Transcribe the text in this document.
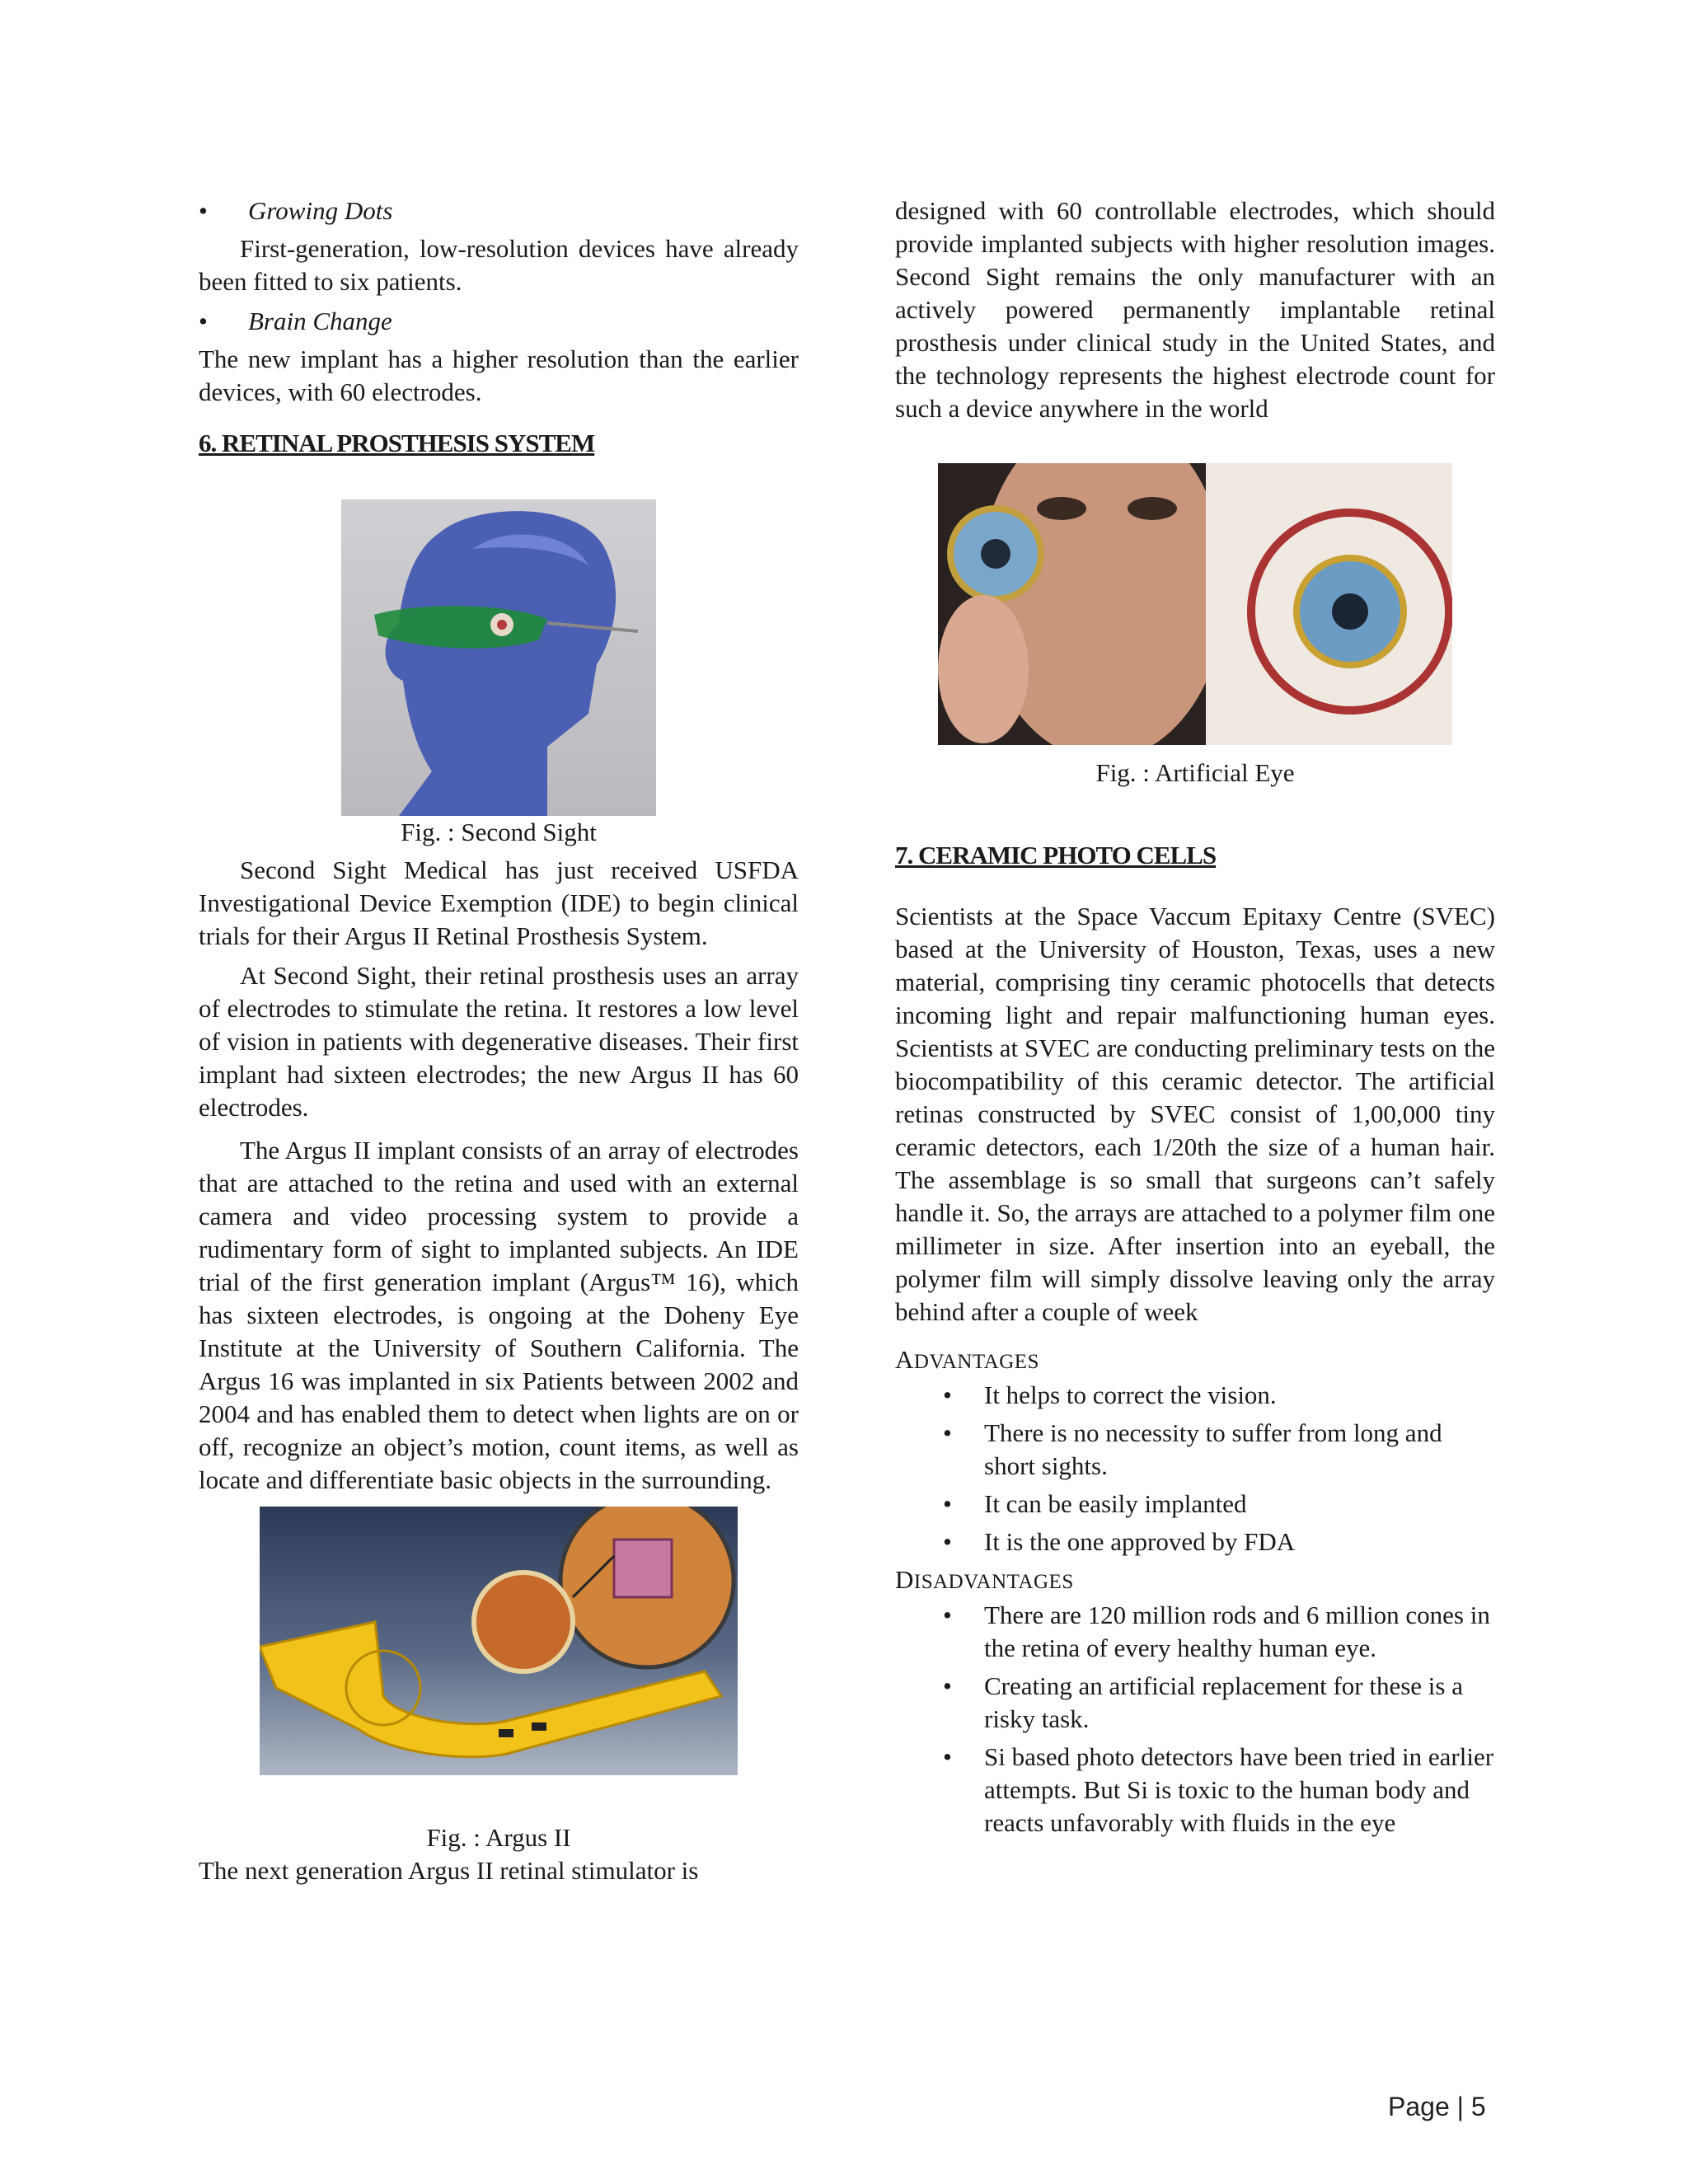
•	Growing Dots

First-generation, low-resolution devices have already been fitted to six patients.

•	Brain Change

The new implant has a higher resolution than the earlier devices, with 60 electrodes.

6. RETINAL PROSTHESIS SYSTEM

Fig. : Second Sight

Second Sight Medical has just received USFDA Investigational Device Exemption (IDE) to begin clinical trials for their Argus II Retinal Prosthesis System.

At Second Sight, their retinal prosthesis uses an array of electrodes to stimulate the retina. It restores a low level of vision in patients with degenerative diseases. Their first implant had sixteen electrodes; the new Argus II has 60 electrodes.

The Argus II implant consists of an array of electrodes that are attached to the retina and used with an external camera and video processing system to provide a rudimentary form of sight to implanted subjects. An IDE trial of the first generation implant (Argus™ 16), which has sixteen electrodes, is ongoing at the Doheny Eye Institute at the University of Southern California. The Argus 16 was implanted in six Patients between 2002 and 2004 and has enabled them to detect when lights are on or off, recognize an object’s motion, count items, as well as locate and differentiate basic objects in the surrounding.

Fig. : Argus II

The next generation Argus II retinal stimulator is

designed with 60 controllable electrodes, which should provide implanted subjects with higher resolution images. Second Sight remains the only manufacturer with an actively powered permanently implantable retinal prosthesis under clinical study in the United States, and the technology represents the highest electrode count for such a device anywhere in the world

Fig. : Artificial Eye

7. CERAMIC PHOTO CELLS

Scientists at the Space Vaccum Epitaxy Centre (SVEC) based at the University of Houston, Texas, uses a new material, comprising tiny ceramic photocells that detects incoming light and repair malfunctioning human eyes. Scientists at SVEC are conducting preliminary tests on the biocompatibility of this ceramic detector. The artificial retinas constructed by SVEC consist of 1,00,000 tiny ceramic detectors, each 1/20th the size of a human hair. The assemblage is so small that surgeons can’t safely handle it. So, the arrays are attached to a polymer film one millimeter in size. After insertion into an eyeball, the polymer film will simply dissolve leaving only the array behind after a couple of week

ADVANTAGES

• It helps to correct the vision.
• There is no necessity to suffer from long and short sights.
• It can be easily implanted
• It is the one approved by FDA

DISADVANTAGES

• There are 120 million rods and 6 million cones in the retina of every healthy human eye.
• Creating an artificial replacement for these is a risky task.
• Si based photo detectors have been tried in earlier attempts. But Si is toxic to the human body and reacts unfavorably with fluids in the eye
Page | 5
